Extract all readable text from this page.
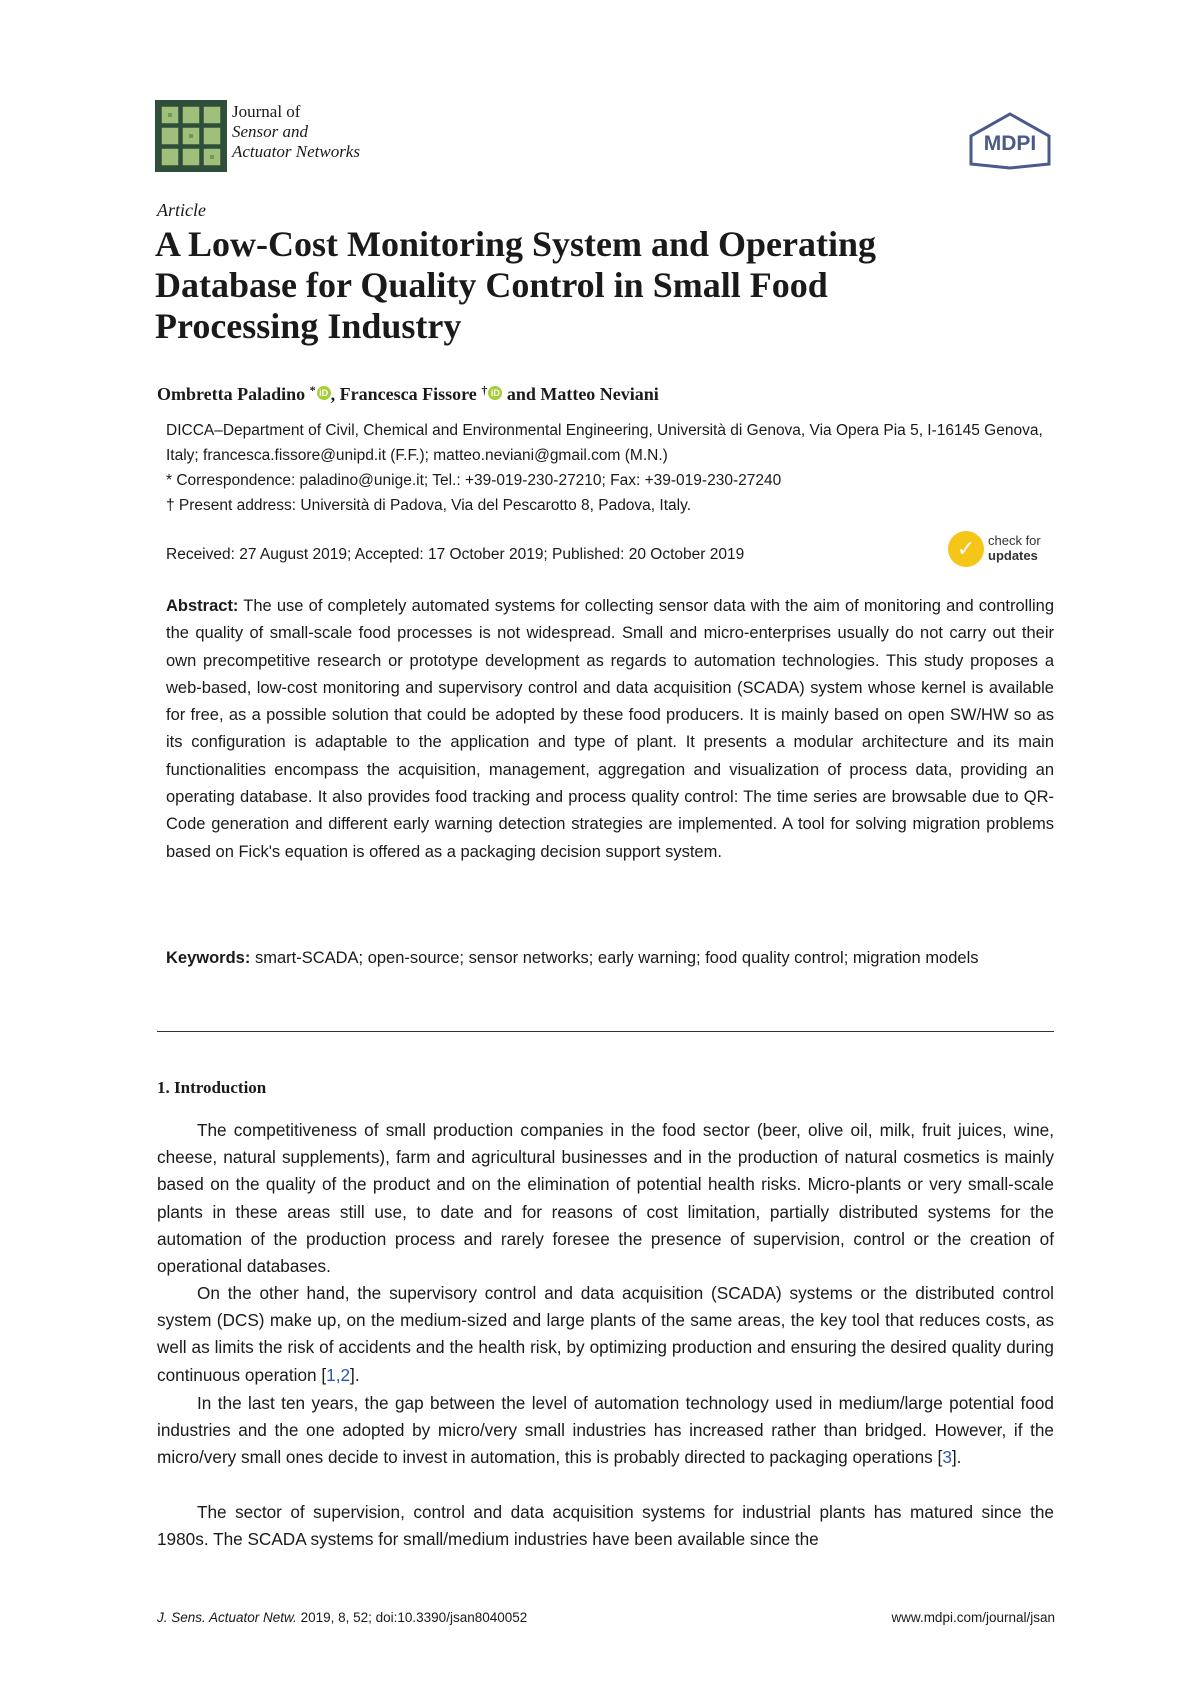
Journal of
Sensor and
Actuator Networks	MDPI
Article
A Low-Cost Monitoring System and Operating Database for Quality Control in Small Food Processing Industry
Ombretta Paladino * iD , Francesca Fissore † iD and Matteo Neviani
DICCA–Department of Civil, Chemical and Environmental Engineering, Università di Genova, Via Opera Pia 5, I-16145 Genova, Italy; francesca.fissore@unipd.it (F.F.); matteo.neviani@gmail.com (M.N.)
* Correspondence: paladino@unige.it; Tel.: +39-019-230-27210; Fax: +39-019-230-27240
† Present address: Università di Padova, Via del Pescarotto 8, Padova, Italy.
Received: 27 August 2019; Accepted: 17 October 2019; Published: 20 October 2019	✓ check for
updates
Abstract: The use of completely automated systems for collecting sensor data with the aim of monitoring and controlling the quality of small-scale food processes is not widespread. Small and micro-enterprises usually do not carry out their own precompetitive research or prototype development as regards to automation technologies. This study proposes a web-based, low-cost monitoring and supervisory control and data acquisition (SCADA) system whose kernel is available for free, as a possible solution that could be adopted by these food producers. It is mainly based on open SW/HW so as its configuration is adaptable to the application and type of plant. It presents a modular architecture and its main functionalities encompass the acquisition, management, aggregation and visualization of process data, providing an operating database. It also provides food tracking and process quality control: The time series are browsable due to QR-Code generation and different early warning detection strategies are implemented. A tool for solving migration problems based on Fick's equation is offered as a packaging decision support system.
Keywords: smart-SCADA; open-source; sensor networks; early warning; food quality control; migration models
1. Introduction
The competitiveness of small production companies in the food sector (beer, olive oil, milk, fruit juices, wine, cheese, natural supplements), farm and agricultural businesses and in the production of natural cosmetics is mainly based on the quality of the product and on the elimination of potential health risks. Micro-plants or very small-scale plants in these areas still use, to date and for reasons of cost limitation, partially distributed systems for the automation of the production process and rarely foresee the presence of supervision, control or the creation of operational databases.
On the other hand, the supervisory control and data acquisition (SCADA) systems or the distributed control system (DCS) make up, on the medium-sized and large plants of the same areas, the key tool that reduces costs, as well as limits the risk of accidents and the health risk, by optimizing production and ensuring the desired quality during continuous operation [1,2].
In the last ten years, the gap between the level of automation technology used in medium/large potential food industries and the one adopted by micro/very small industries has increased rather than bridged. However, if the micro/very small ones decide to invest in automation, this is probably directed to packaging operations [3].
The sector of supervision, control and data acquisition systems for industrial plants has matured since the 1980s. The SCADA systems for small/medium industries have been available since the
J. Sens. Actuator Netw. 2019, 8, 52; doi:10.3390/jsan8040052	www.mdpi.com/journal/jsan
